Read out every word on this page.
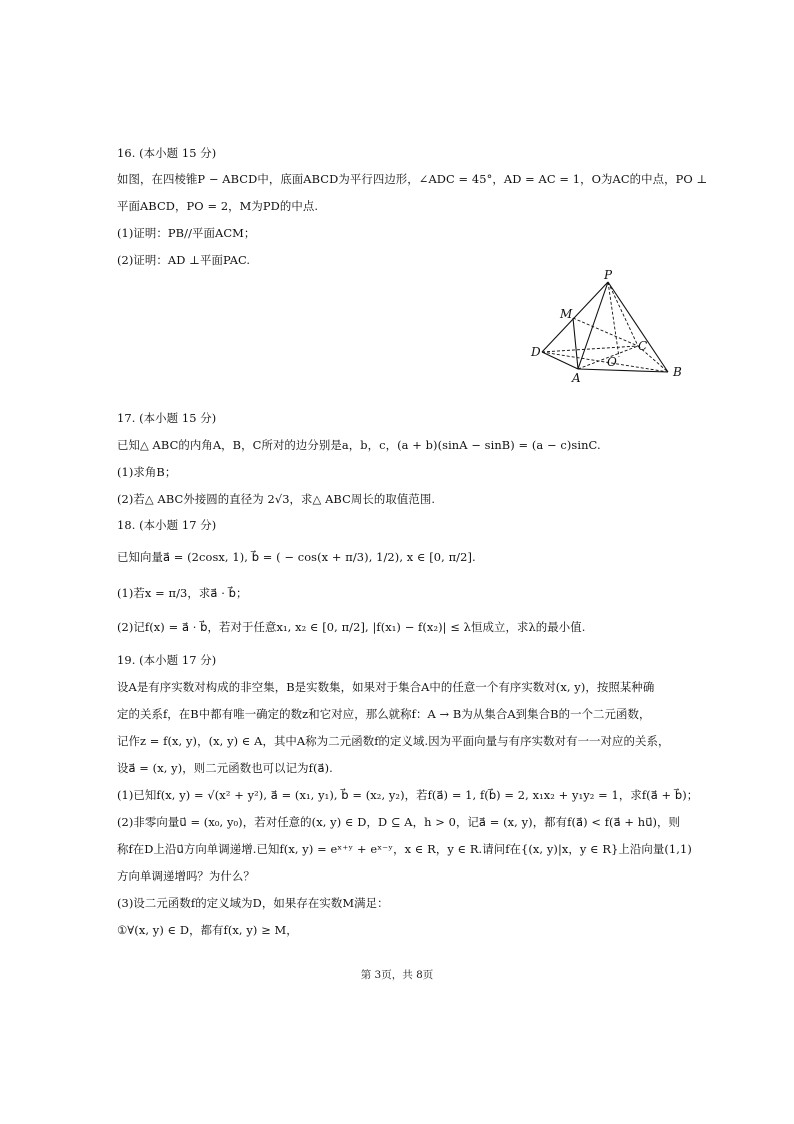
16. (本小题 15 分)
如图，在四棱锥P − ABCD中，底面ABCD为平行四边形，∠ADC = 45°，AD = AC = 1，O为AC的中点，PO ⊥
平面ABCD，PO = 2，M为PD的中点.
(1)证明：PB//平面ACM；
(2)证明：AD ⊥平面PAC.
P
M
D	C
O
A	B
17. (本小题 15 分)
已知△ ABC的内角A，B，C所对的边分别是a，b，c，(a + b)(sinA − sinB) = (a − c)sinC.
(1)求角B；
(2)若△ ABC外接圆的直径为 2√3，求△ ABC周长的取值范围.
18. (本小题 17 分)
已知向量a⃗ = (2cosx, 1), b⃗ = ( − cos(x + π/3), 1/2), x ∈ [0, π/2].
(1)若x = π/3，求a⃗ · b⃗；
(2)记f(x) = a⃗ · b⃗，若对于任意x₁, x₂ ∈ [0, π/2], |f(x₁) − f(x₂)| ≤ λ恒成立，求λ的最小值.
19. (本小题 17 分)
设A是有序实数对构成的非空集，B是实数集，如果对于集合A中的任意一个有序实数对(x, y)，按照某种确
定的关系f，在B中都有唯一确定的数z和它对应，那么就称f：A → B为从集合A到集合B的一个二元函数，
记作z = f(x, y)，(x, y) ∈ A，其中A称为二元函数f的定义域.因为平面向量与有序实数对有一一对应的关系，
设a⃗ = (x, y)，则二元函数也可以记为f(a⃗).
(1)已知f(x, y) = √(x² + y²), a⃗ = (x₁, y₁), b⃗ = (x₂, y₂)，若f(a⃗) = 1, f(b⃗) = 2, x₁x₂ + y₁y₂ = 1，求f(a⃗ + b⃗)；
(2)非零向量u⃗ = (x₀, y₀)，若对任意的(x, y) ∈ D，D ⊆ A，h > 0，记a⃗ = (x, y)，都有f(a⃗) < f(a⃗ + hu⃗)，则
称f在D上沿u⃗方向单调递增.已知f(x, y) = eˣ⁺ʸ + eˣ⁻ʸ，x ∈ R，y ∈ R.请问f在{(x, y)|x，y ∈ R}上沿向量(1,1)
方向单调递增吗？为什么？
(3)设二元函数f的定义域为D，如果存在实数M满足：
①∀(x, y) ∈ D，都有f(x, y) ≥ M，
第 3页，共 8页
